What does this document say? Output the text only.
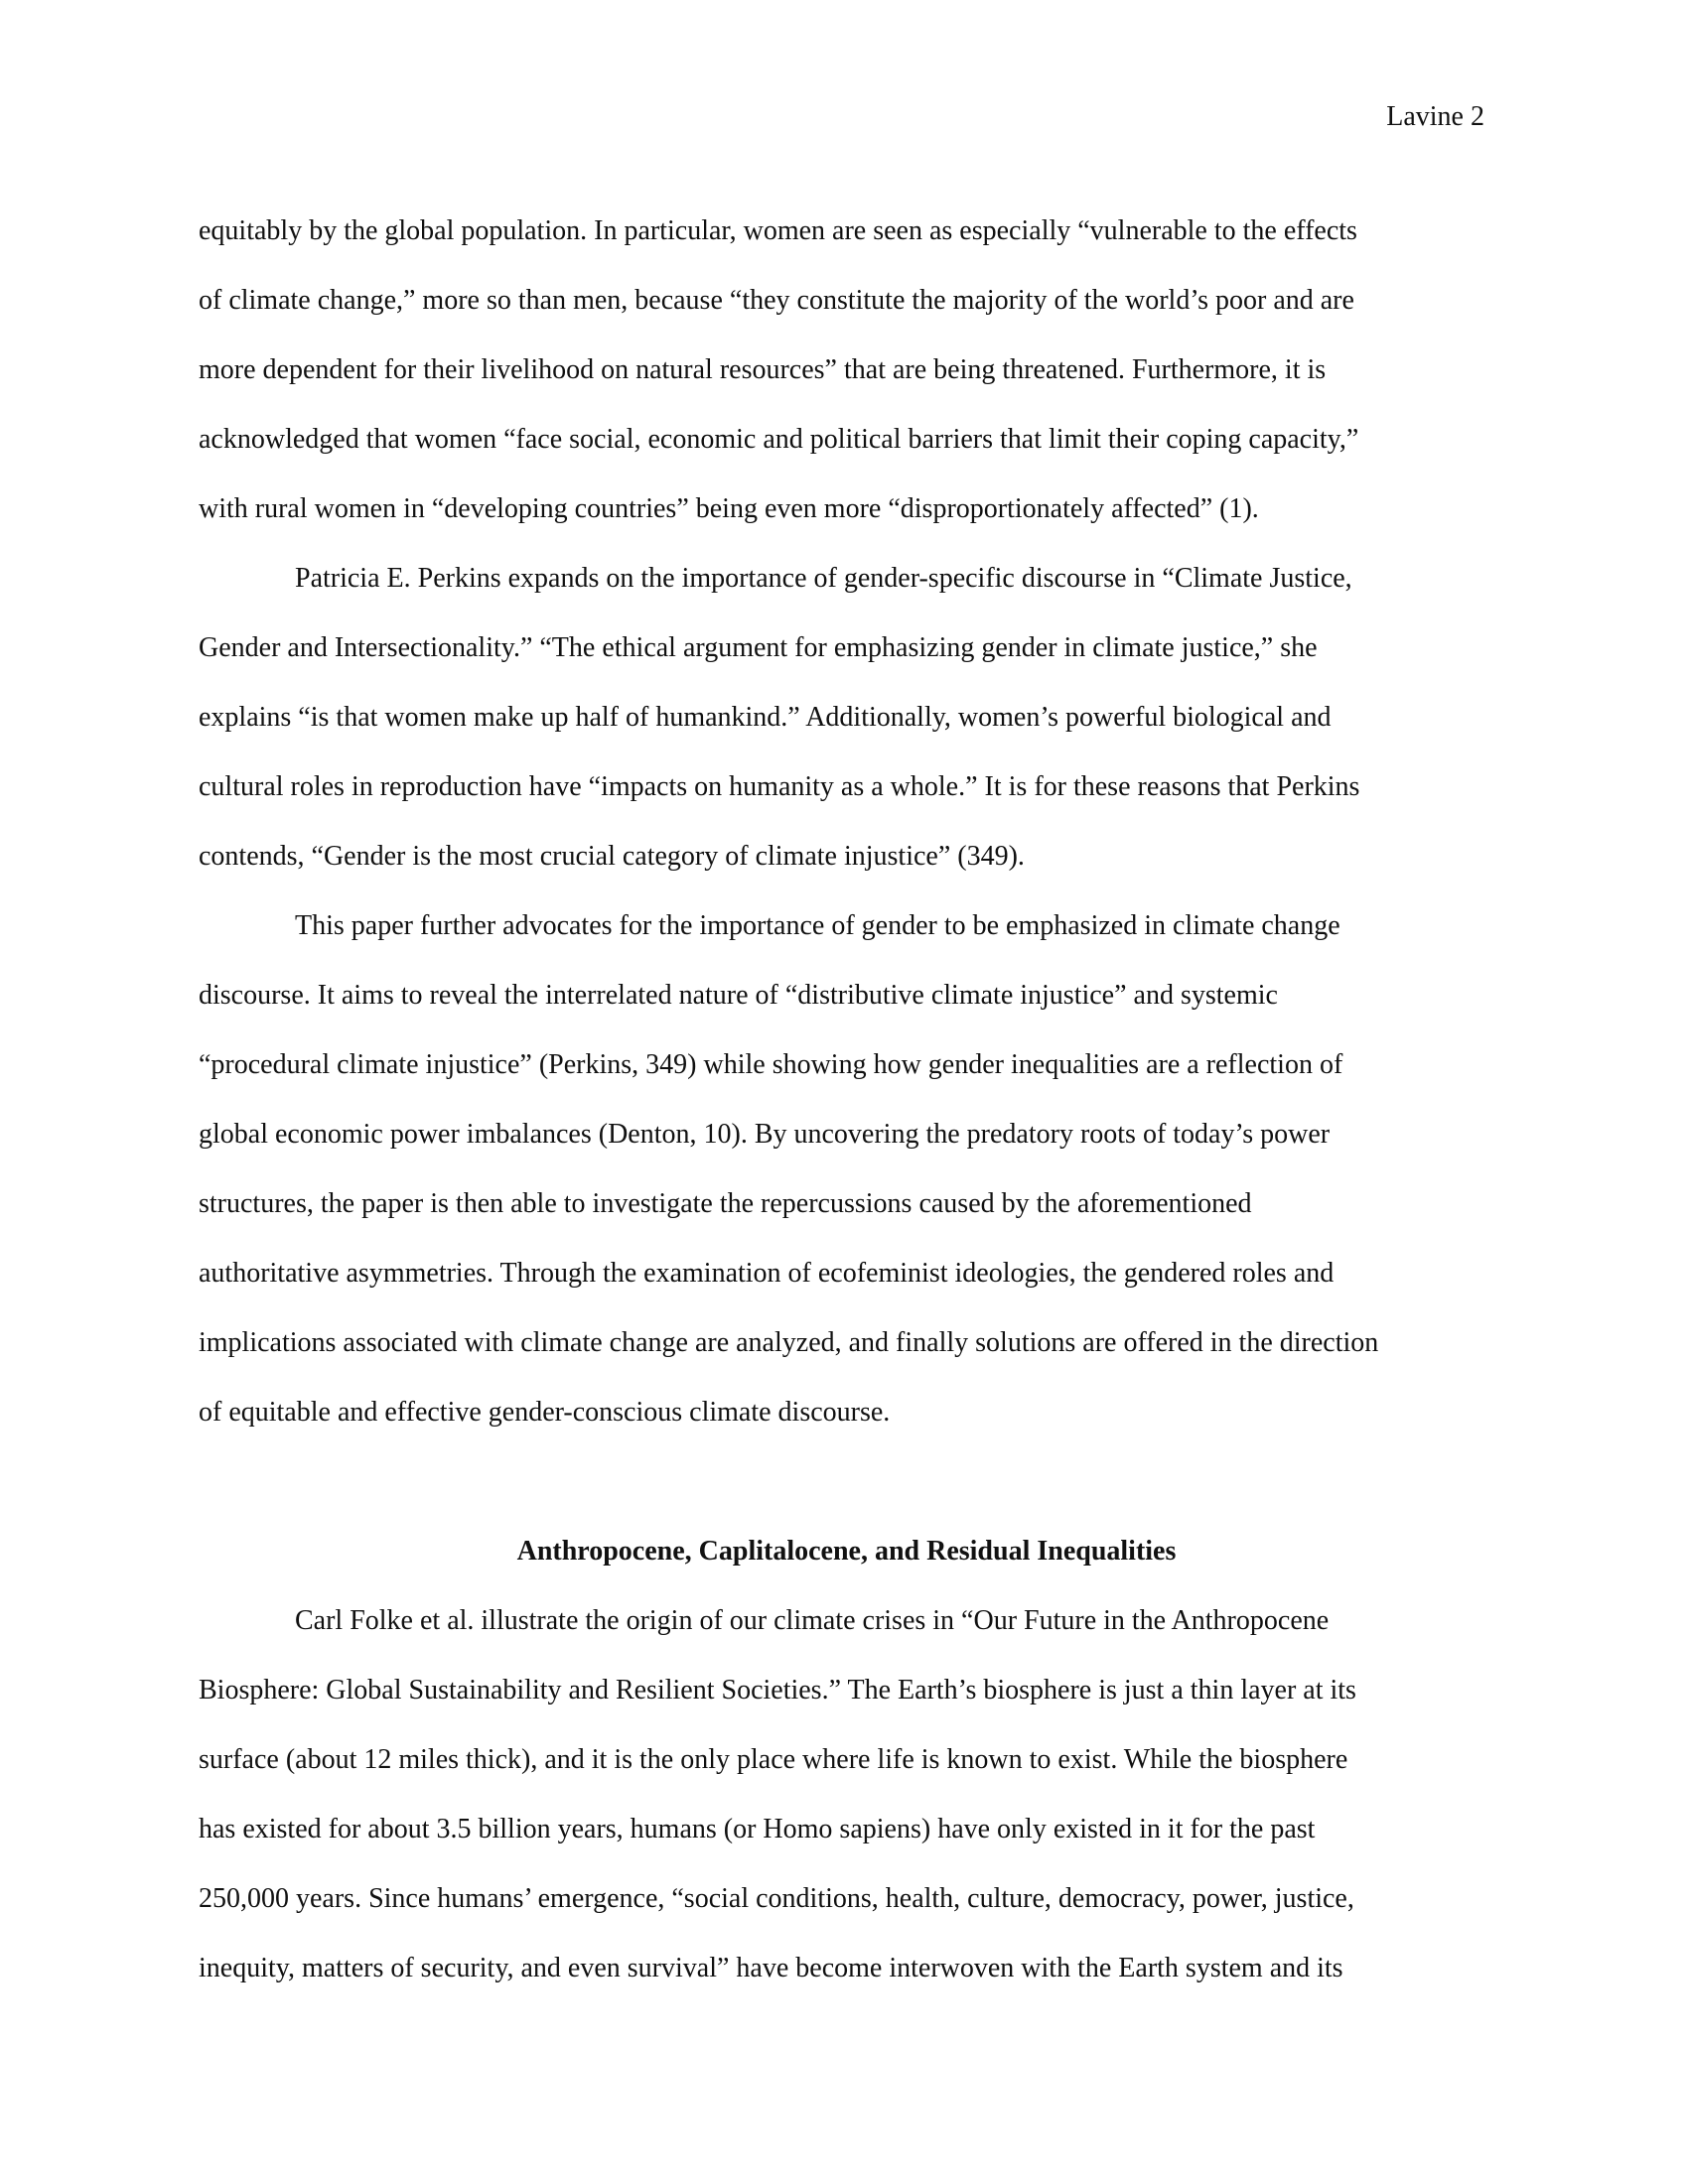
Lavine 2
equitably by the global population. In particular, women are seen as especially “vulnerable to the effects
of climate change,” more so than men, because “they constitute the majority of the world’s poor and are
more dependent for their livelihood on natural resources” that are being threatened. Furthermore, it is
acknowledged that women “face social, economic and political barriers that limit their coping capacity,”
with rural women in “developing countries” being even more “disproportionately affected” (1).
Patricia E. Perkins expands on the importance of gender-specific discourse in “Climate Justice,
Gender and Intersectionality.” “The ethical argument for emphasizing gender in climate justice,” she
explains “is that women make up half of humankind.” Additionally, women’s powerful biological and
cultural roles in reproduction have “impacts on humanity as a whole.” It is for these reasons that Perkins
contends, “Gender is the most crucial category of climate injustice” (349).
This paper further advocates for the importance of gender to be emphasized in climate change
discourse. It aims to reveal the interrelated nature of “distributive climate injustice” and systemic
“procedural climate injustice” (Perkins, 349) while showing how gender inequalities are a reflection of
global economic power imbalances (Denton, 10). By uncovering the predatory roots of today’s power
structures, the paper is then able to investigate the repercussions caused by the aforementioned
authoritative asymmetries. Through the examination of ecofeminist ideologies, the gendered roles and
implications associated with climate change are analyzed, and finally solutions are offered in the direction
of equitable and effective gender-conscious climate discourse.
Anthropocene, Caplitalocene, and Residual Inequalities
Carl Folke et al. illustrate the origin of our climate crises in “Our Future in the Anthropocene
Biosphere: Global Sustainability and Resilient Societies.” The Earth’s biosphere is just a thin layer at its
surface (about 12 miles thick), and it is the only place where life is known to exist. While the biosphere
has existed for about 3.5 billion years, humans (or Homo sapiens) have only existed in it for the past
250,000 years. Since humans’ emergence, “social conditions, health, culture, democracy, power, justice,
inequity, matters of security, and even survival” have become interwoven with the Earth system and its
